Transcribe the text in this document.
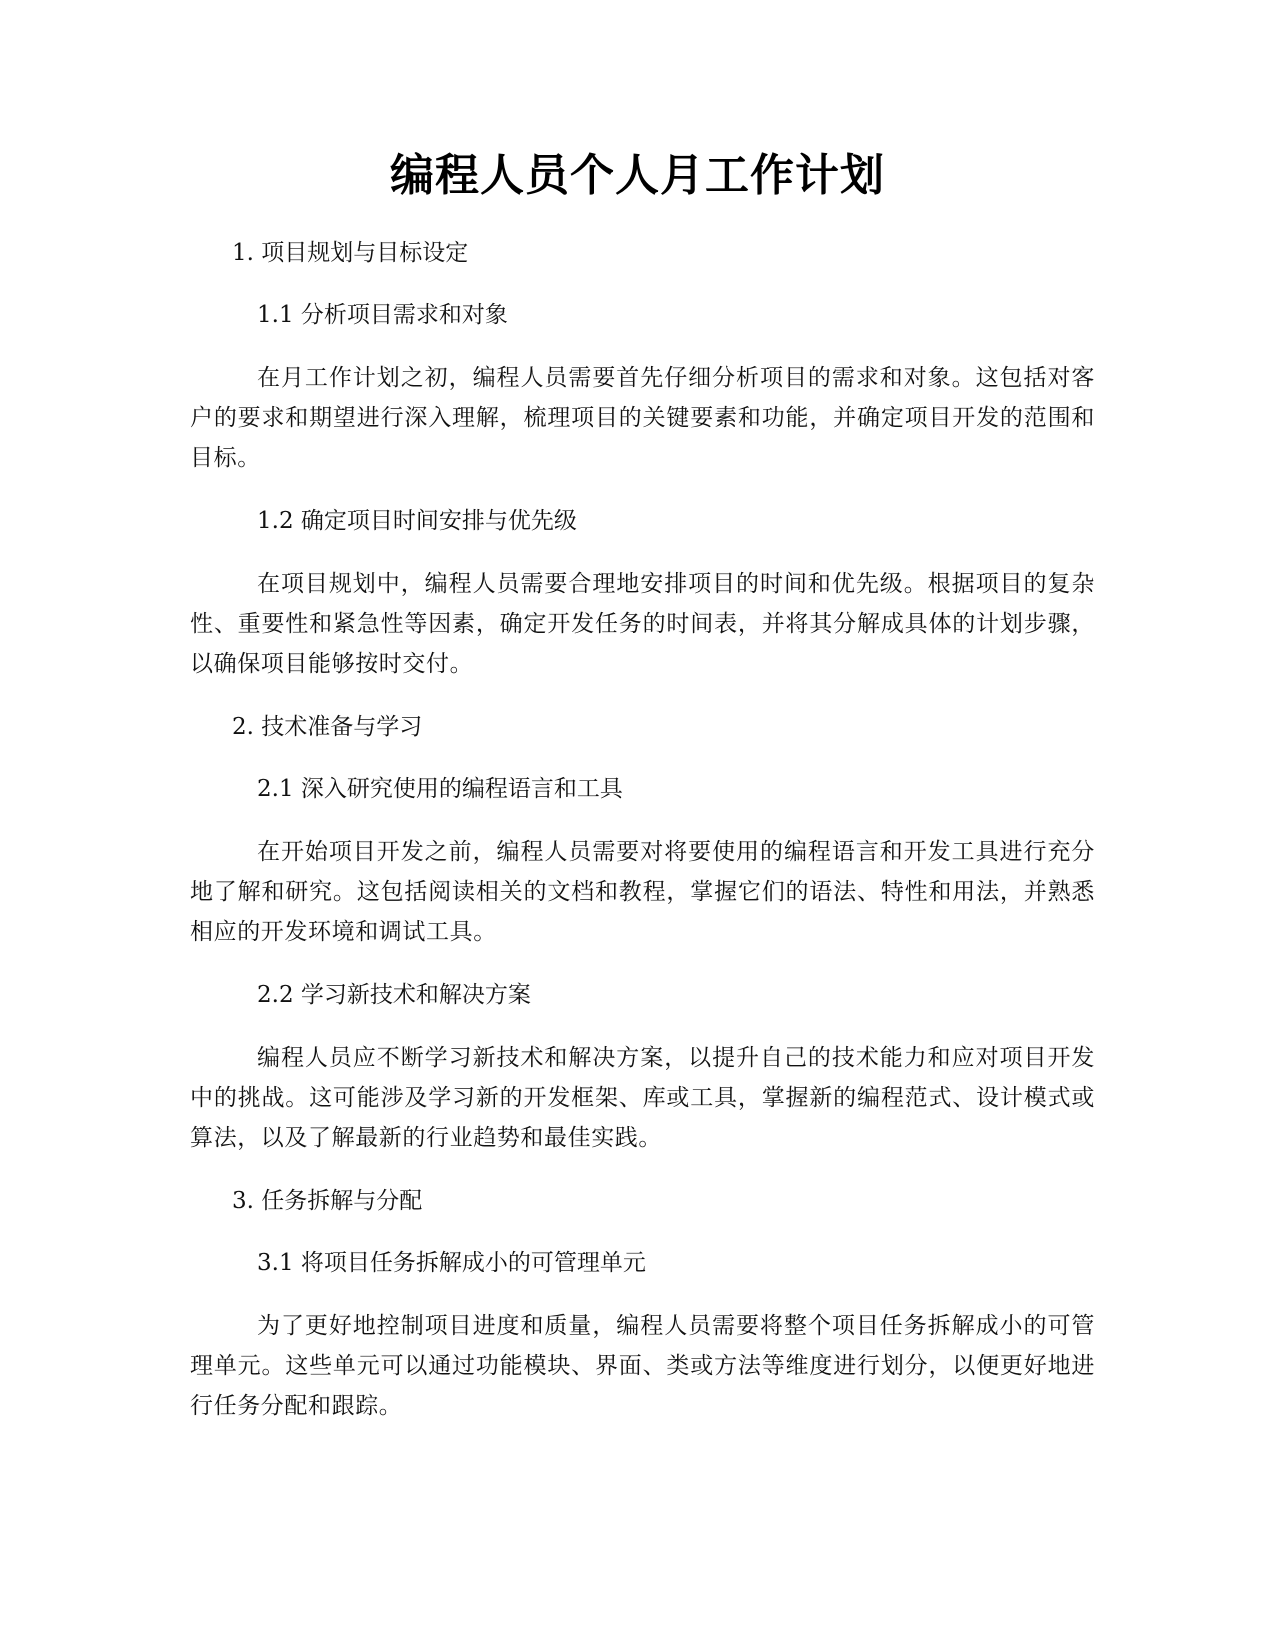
编程人员个人月工作计划
1. 项目规划与目标设定
1.1 分析项目需求和对象
在月工作计划之初，编程人员需要首先仔细分析项目的需求和对象。这包括对客户的要求和期望进行深入理解，梳理项目的关键要素和功能，并确定项目开发的范围和目标。
1.2 确定项目时间安排与优先级
在项目规划中，编程人员需要合理地安排项目的时间和优先级。根据项目的复杂性、重要性和紧急性等因素，确定开发任务的时间表，并将其分解成具体的计划步骤，以确保项目能够按时交付。
2. 技术准备与学习
2.1 深入研究使用的编程语言和工具
在开始项目开发之前，编程人员需要对将要使用的编程语言和开发工具进行充分地了解和研究。这包括阅读相关的文档和教程，掌握它们的语法、特性和用法，并熟悉相应的开发环境和调试工具。
2.2 学习新技术和解决方案
编程人员应不断学习新技术和解决方案，以提升自己的技术能力和应对项目开发中的挑战。这可能涉及学习新的开发框架、库或工具，掌握新的编程范式、设计模式或算法，以及了解最新的行业趋势和最佳实践。
3. 任务拆解与分配
3.1 将项目任务拆解成小的可管理单元
为了更好地控制项目进度和质量，编程人员需要将整个项目任务拆解成小的可管理单元。这些单元可以通过功能模块、界面、类或方法等维度进行划分，以便更好地进行任务分配和跟踪。
